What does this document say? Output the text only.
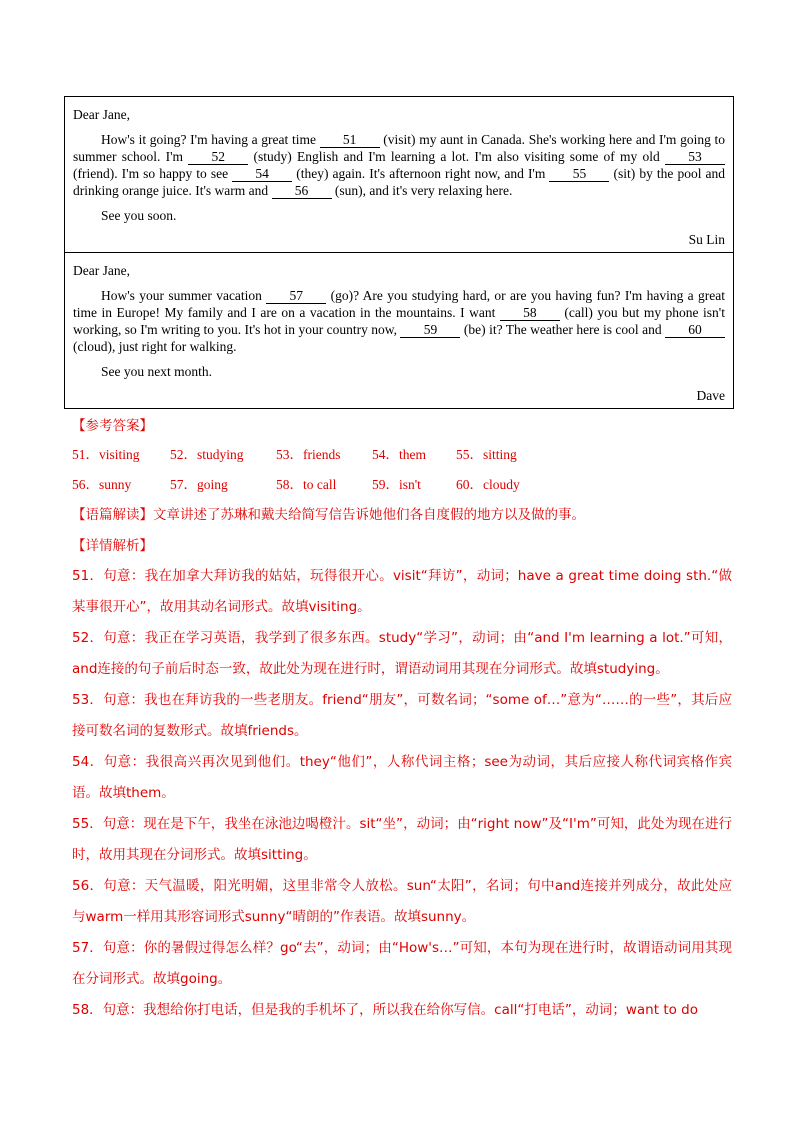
Dear Jane,
How's it going? I'm having a great time 51 (visit) my aunt in Canada. She's working here and I'm going to summer school. I'm 52 (study) English and I'm learning a lot. I'm also visiting some of my old 53 (friend). I'm so happy to see 54 (they) again. It's afternoon right now, and I'm 55 (sit) by the pool and drinking orange juice. It's warm and 56 (sun), and it's very relaxing here.
See you soon.
Su Lin
Dear Jane,
How's your summer vacation 57 (go)? Are you studying hard, or are you having fun? I'm having a great time in Europe! My family and I are on a vacation in the mountains. I want 58 (call) you but my phone isn't working, so I'm writing to you. It's hot in your country now, 59 (be) it? The weather here is cool and 60 (cloud), just right for walking.
See you next month.
Dave
【参考答案】
51．visiting	52．studying	53．friends	54．them	55．sitting
56．sunny	57．going	58．to call	59．isn't	60．cloudy
【语篇解读】文章讲述了苏琳和戴夫给简写信告诉她他们各自度假的地方以及做的事。
【详情解析】
51．句意：我在加拿大拜访我的姑姑，玩得很开心。visit“拜访”，动词；have a great time doing sth.“做某事很开心”，故用其动名词形式。故填visiting。
52．句意：我正在学习英语，我学到了很多东西。study“学习”，动词；由“and I'm learning a lot.”可知，and连接的句子前后时态一致，故此处为现在进行时，谓语动词用其现在分词形式。故填studying。
53．句意：我也在拜访我的一些老朋友。friend“朋友”，可数名词；“some of…”意为“……的一些”，其后应接可数名词的复数形式。故填friends。
54．句意：我很高兴再次见到他们。they“他们”，人称代词主格；see为动词，其后应接人称代词宾格作宾语。故填them。
55．句意：现在是下午，我坐在泳池边喝橙汁。sit“坐”，动词；由“right now”及“I'm”可知，此处为现在进行时，故用其现在分词形式。故填sitting。
56．句意：天气温暖，阳光明媚，这里非常令人放松。sun“太阳”，名词；句中and连接并列成分，故此处应与warm一样用其形容词形式sunny“晴朗的”作表语。故填sunny。
57．句意：你的暑假过得怎么样？go“去”，动词；由“How's…”可知，本句为现在进行时，故谓语动词用其现在分词形式。故填going。
58．句意：我想给你打电话，但是我的手机坏了，所以我在给你写信。call“打电话”，动词；want to do
